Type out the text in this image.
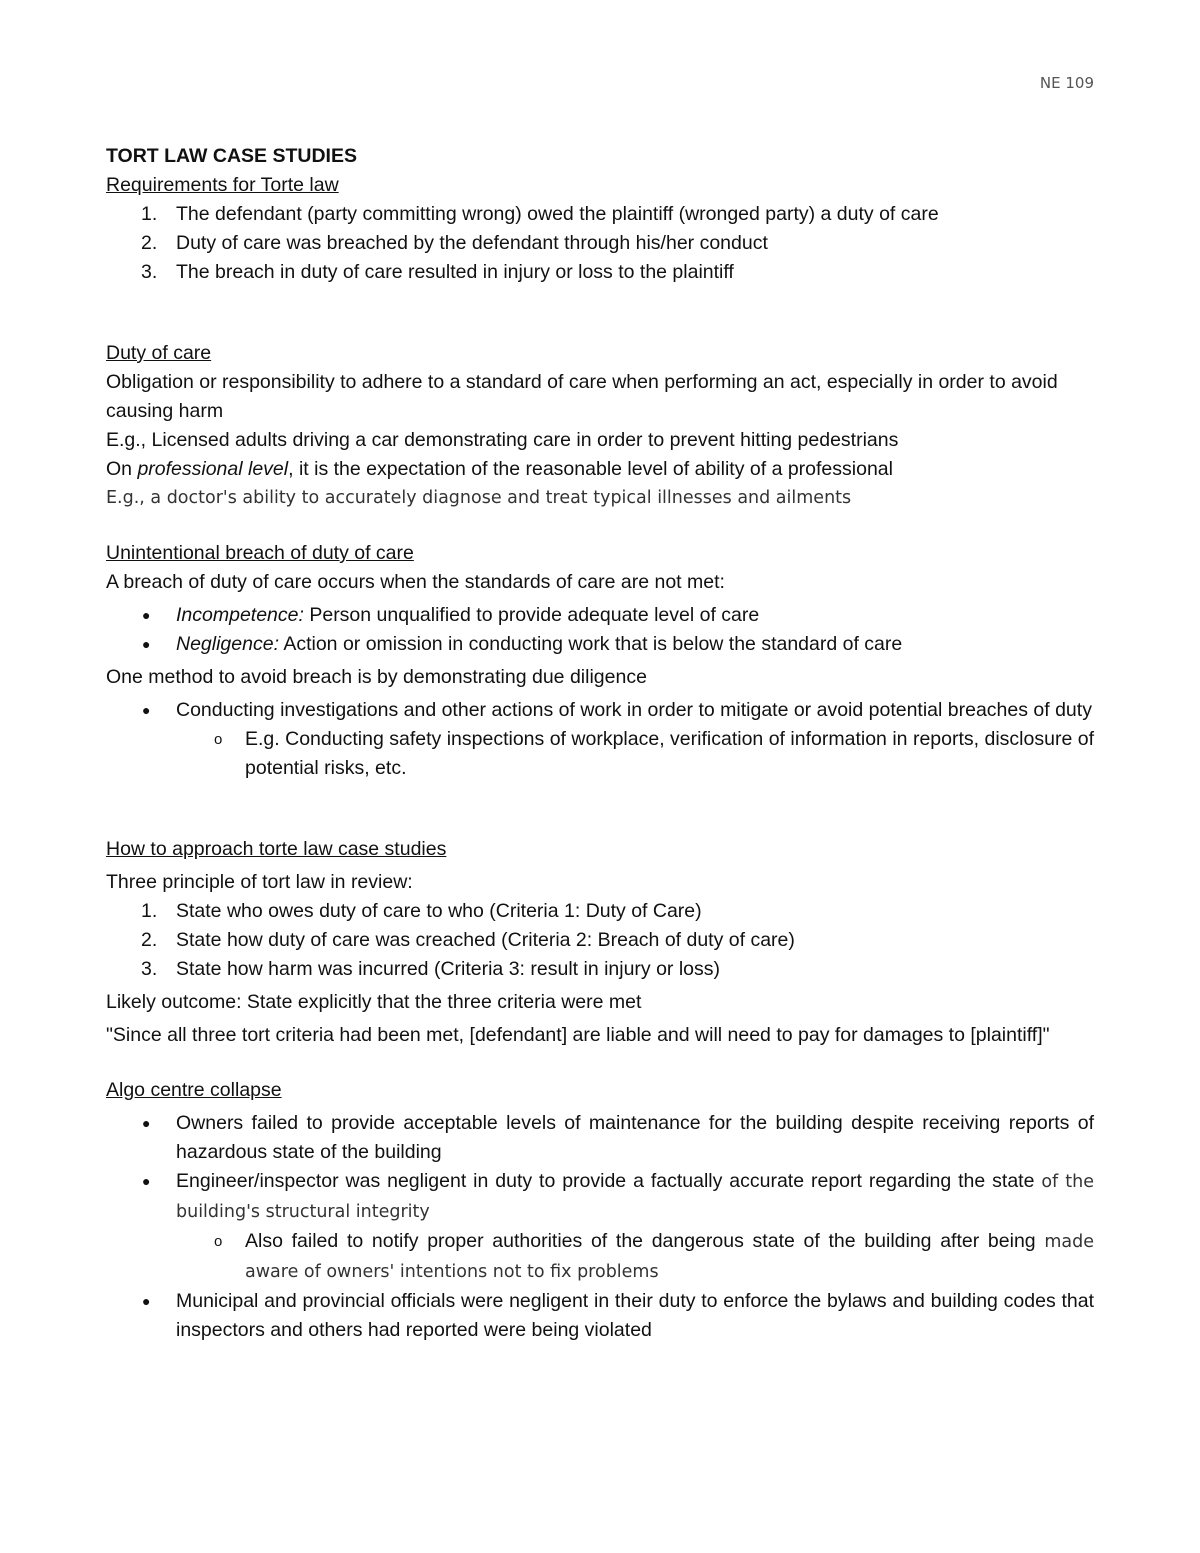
NE 109

TORT LAW CASE STUDIES

Requirements for Torte law

1. The defendant (party committing wrong) owed the plaintiff (wronged party) a duty of care
2. Duty of care was breached by the defendant through his/her conduct
3. The breach in duty of care resulted in injury or loss to the plaintiff

Duty of care

Obligation or responsibility to adhere to a standard of care when performing an act, especially in order to avoid causing harm

E.g., Licensed adults driving a car demonstrating care in order to prevent hitting pedestrians

On professional level, it is the expectation of the reasonable level of ability of a professional

E.g., a doctor's ability to accurately diagnose and treat typical illnesses and ailments

Unintentional breach of duty of care

A breach of duty of care occurs when the standards of care are not met:

● Incompetence: Person unqualified to provide adequate level of care
● Negligence: Action or omission in conducting work that is below the standard of care

One method to avoid breach is by demonstrating due diligence

● Conducting investigations and other actions of work in order to mitigate or avoid potential breaches of duty
o E.g. Conducting safety inspections of workplace, verification of information in reports, disclosure of potential risks, etc.

How to approach torte law case studies

Three principle of tort law in review:

1. State who owes duty of care to who (Criteria 1: Duty of Care)
2. State how duty of care was creached (Criteria 2: Breach of duty of care)
3. State how harm was incurred (Criteria 3: result in injury or loss)

Likely outcome: State explicitly that the three criteria were met

"Since all three tort criteria had been met, [defendant] are liable and will need to pay for damages to [plaintiff]"

Algo centre collapse

● Owners failed to provide acceptable levels of maintenance for the building despite receiving reports of hazardous state of the building
● Engineer/inspector was negligent in duty to provide a factually accurate report regarding the state of the building's structural integrity
o Also failed to notify proper authorities of the dangerous state of the building after being made aware of owners' intentions not to fix problems
● Municipal and provincial officials were negligent in their duty to enforce the bylaws and building codes that inspectors and others had reported were being violated
